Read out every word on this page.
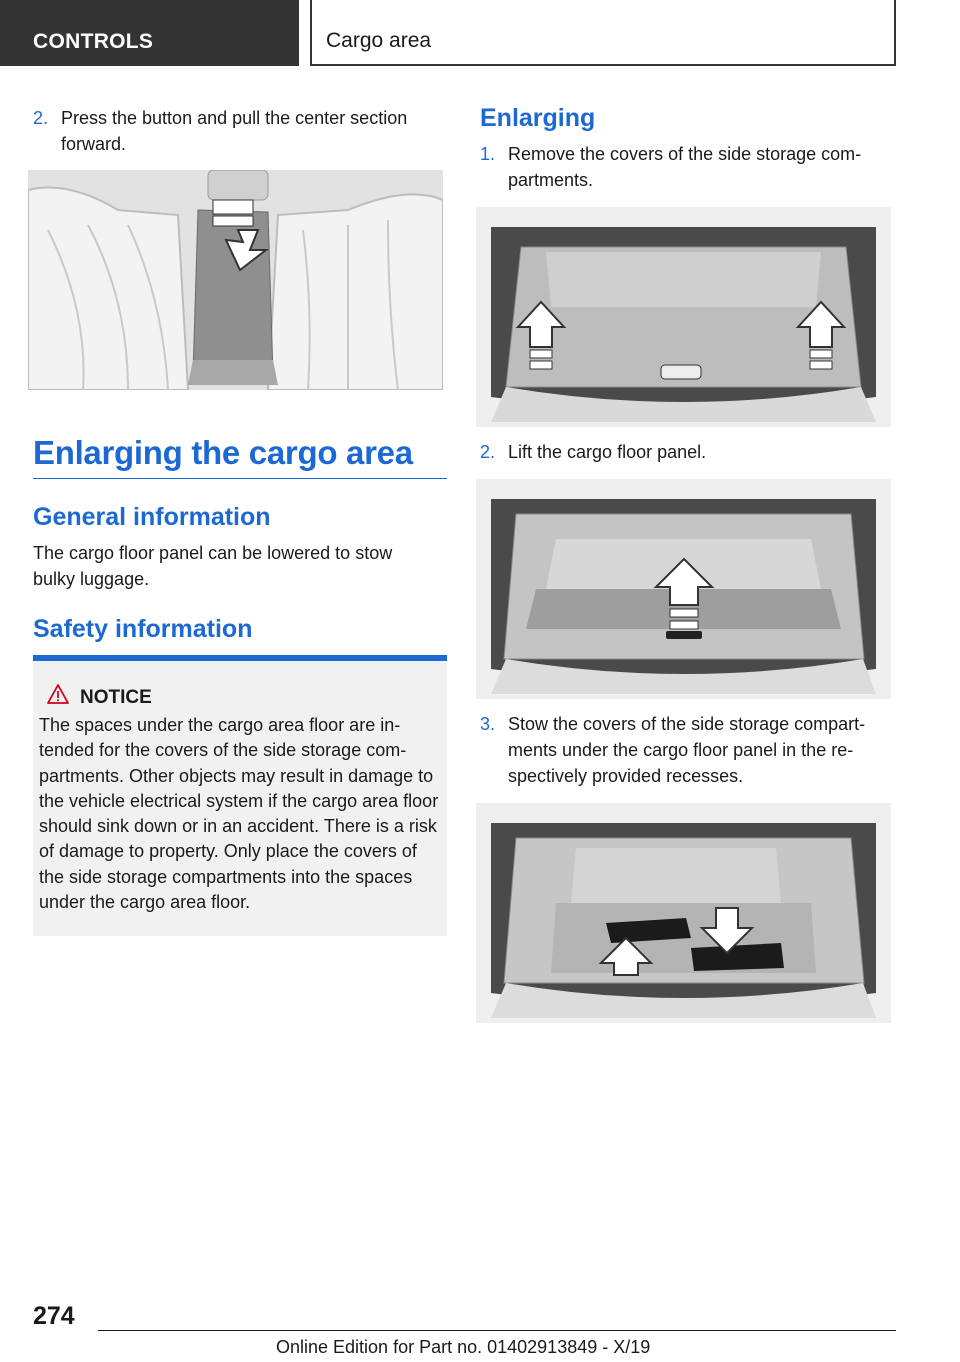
CONTROLS	Cargo area
2. Press the button and pull the center section forward.
Enlarging the cargo area
General information
The cargo floor panel can be lowered to stow bulky luggage.
Safety information
NOTICE
The spaces under the cargo area floor are in-tended for the covers of the side storage com-partments. Other objects may result in damage to the vehicle electrical system if the cargo area floor should sink down or in an accident. There is a risk of damage to property. Only place the covers of the side storage compartments into the spaces under the cargo area floor.
Enlarging
1. Remove the covers of the side storage com-partments.
2. Lift the cargo floor panel.
3. Stow the covers of the side storage compart-ments under the cargo floor panel in the re-spectively provided recesses.
274
Online Edition for Part no. 01402913849 - X/19
